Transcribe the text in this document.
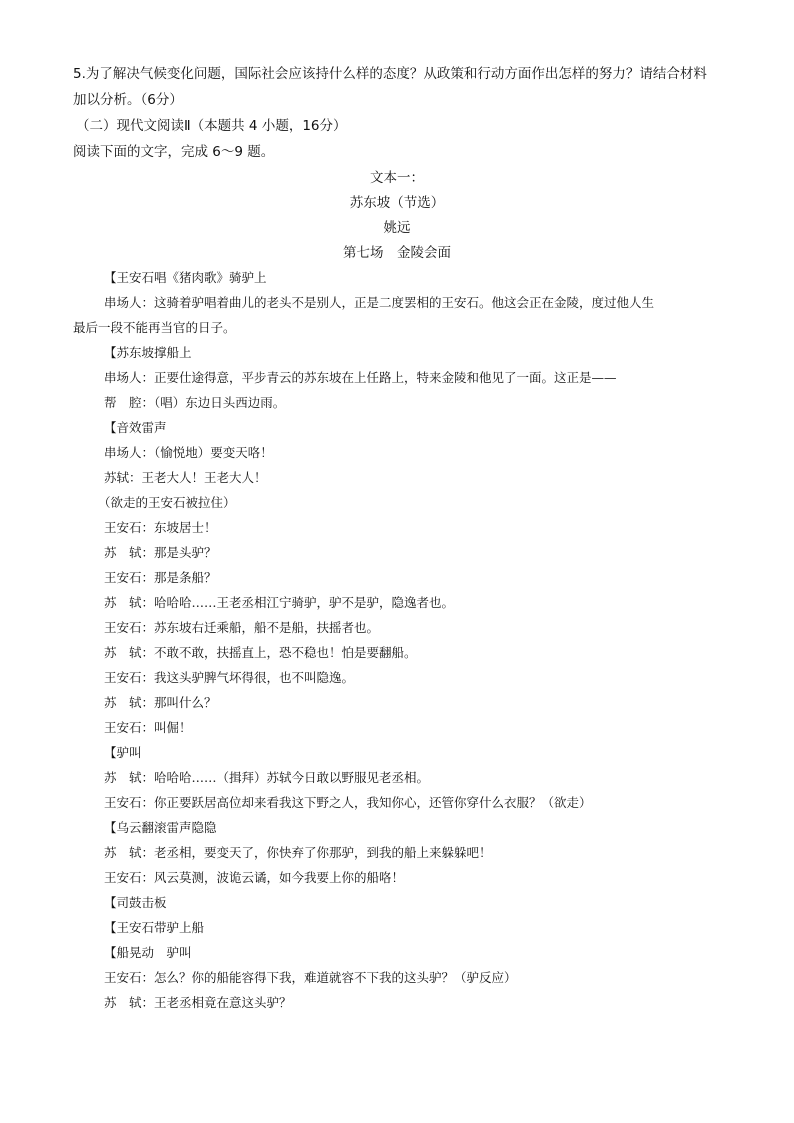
5.为了解决气候变化问题，国际社会应该持什么样的态度？从政策和行动方面作出怎样的努力？请结合材料
加以分析。（6分）
（二）现代文阅读Ⅱ（本题共 4 小题，16分）
阅读下面的文字，完成 6～9 题。
文本一：
苏东坡（节选）
姚远
第七场　金陵会面
【王安石唱《猪肉歌》骑驴上
串场人：这骑着驴唱着曲儿的老头不是别人，正是二度罢相的王安石。他这会正在金陵，度过他人生
最后一段不能再当官的日子。
【苏东坡撑船上
串场人：正要仕途得意，平步青云的苏东坡在上任路上，特来金陵和他见了一面。这正是——
帮　腔：（唱）东边日头西边雨。
【音效雷声
串场人：（愉悦地）要变天咯！
苏轼：王老大人！王老大人！
（欲走的王安石被拉住）
王安石：东坡居士！
苏　轼：那是头驴？
王安石：那是条船？
苏　轼：哈哈哈……王老丞相江宁骑驴，驴不是驴，隐逸者也。
王安石：苏东坡右迁乘船，船不是船，扶摇者也。
苏　轼：不敢不敢，扶摇直上，恐不稳也！怕是要翻船。
王安石：我这头驴脾气坏得很，也不叫隐逸。
苏　轼：那叫什么？
王安石：叫倔！
【驴叫
苏　轼：哈哈哈……（揖拜）苏轼今日敢以野服见老丞相。
王安石：你正要跃居高位却来看我这下野之人，我知你心，还管你穿什么衣服？（欲走）
【乌云翻滚雷声隐隐
苏　轼：老丞相，要变天了，你快弃了你那驴，到我的船上来躲躲吧！
王安石：风云莫测，波诡云谲，如今我要上你的船咯！
【司鼓击板
【王安石带驴上船
【船晃动　驴叫
王安石：怎么？你的船能容得下我，难道就容不下我的这头驴？（驴反应）
苏　轼：王老丞相竟在意这头驴？
